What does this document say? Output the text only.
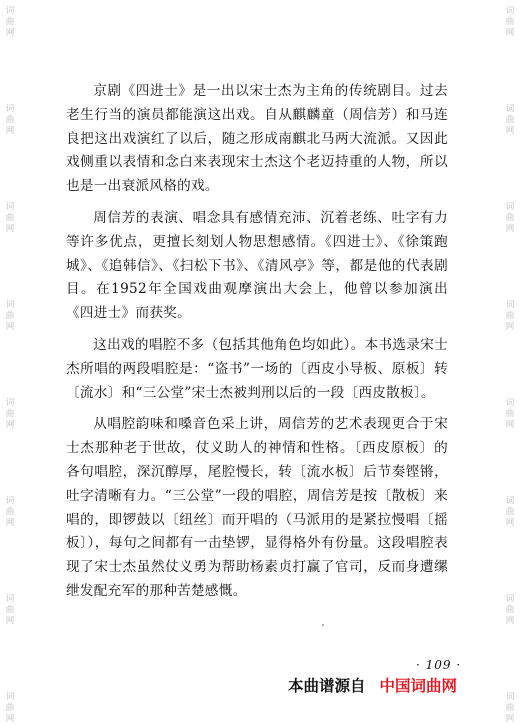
词
曲
网
词
曲
网
词
曲
网
词
曲
网
词
曲
网
词
曲
网
词
曲
网
词
曲
网
词
曲
网
词
曲
网
词
曲
网
词
曲
网
词
曲
网
词
曲
网
词
曲
网
词
曲
网

京剧《四进士》是一出以宋士杰为主角的传统剧目。过去老生行当的演员都能演这出戏。自从麒麟童（周信芳）和马连良把这出戏演红了以后，随之形成南麒北马两大流派。又因此戏侧重以表情和念白来表现宋士杰这个老迈持重的人物，所以也是一出衰派风格的戏。

周信芳的表演、唱念具有感情充沛、沉着老练、吐字有力等许多优点，更擅长刻划人物思想感情。《四进士》、《徐策跑城》、《追韩信》、《扫松下书》、《清风亭》等，都是他的代表剧目。在1952年全国戏曲观摩演出大会上，他曾以参加演出《四进士》而获奖。

这出戏的唱腔不多（包括其他角色均如此）。本书选录宋士杰所唱的两段唱腔是：“盗书”一场的〔西皮小导板、原板〕转〔流水〕和“三公堂”宋士杰被判刑以后的一段〔西皮散板〕。

从唱腔韵味和嗓音色采上讲，周信芳的艺术表现更合于宋士杰那种老于世故，仗义助人的神情和性格。〔西皮原板〕的各句唱腔，深沉醇厚，尾腔慢长，转〔流水板〕后节奏铿锵，吐字清晰有力。“三公堂”一段的唱腔，周信芳是按〔散板〕来唱的，即锣鼓以〔纽丝〕而开唱的（马派用的是紧拉慢唱〔摇板〕），每句之间都有一击垫锣，显得格外有份量。这段唱腔表现了宋士杰虽然仗义勇为帮助杨素贞打赢了官司，反而身遭缧绁发配充军的那种苦楚感慨。

· 109 ·
本曲谱源自 中国词曲网
